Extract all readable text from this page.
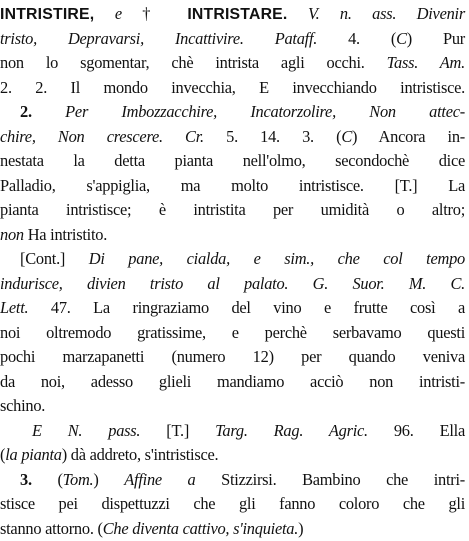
INTRISTIRE, e † INTRISTARE. V. n. ass. Divenir
tristo, Depravarsi, Incattivire. Pataff. 4. (C) Pur
non lo sgomentar, chè intrista agli occhi. Tass. Am.
2. 2. Il mondo invecchia, E invecchiando intristisce.
2. Per Imbozzacchire, Incatorzolire, Non attec-
chire, Non crescere. Cr. 5. 14. 3. (C) Ancora in-
nestata la detta pianta nell'olmo, secondochè dice
Palladio, s'appiglia, ma molto intristisce. [T.] La
pianta intristisce; è intristita per umidità o altro;
non Ha intristito.
[Cont.] Di pane, cialda, e sim., che col tempo
indurisce, divien tristo al palato. G. Suor. M. C.
Lett. 47. La ringraziamo del vino e frutte così a
noi oltremodo gratissime, e perchè serbavamo questi
pochi marzapanetti (numero 12) per quando veniva
da noi, adesso glieli mandiamo acciò non intristi-
schino.
E N. pass. [T.] Targ. Rag. Agric. 96. Ella
(la pianta) dà addreto, s'intristisce.
3. (Tom.) Affine a Stizzirsi. Bambino che intri-
stisce pei dispettuzzi che gli fanno coloro che gli
stanno attorno. (Che diventa cattivo, s'inquieta.)
